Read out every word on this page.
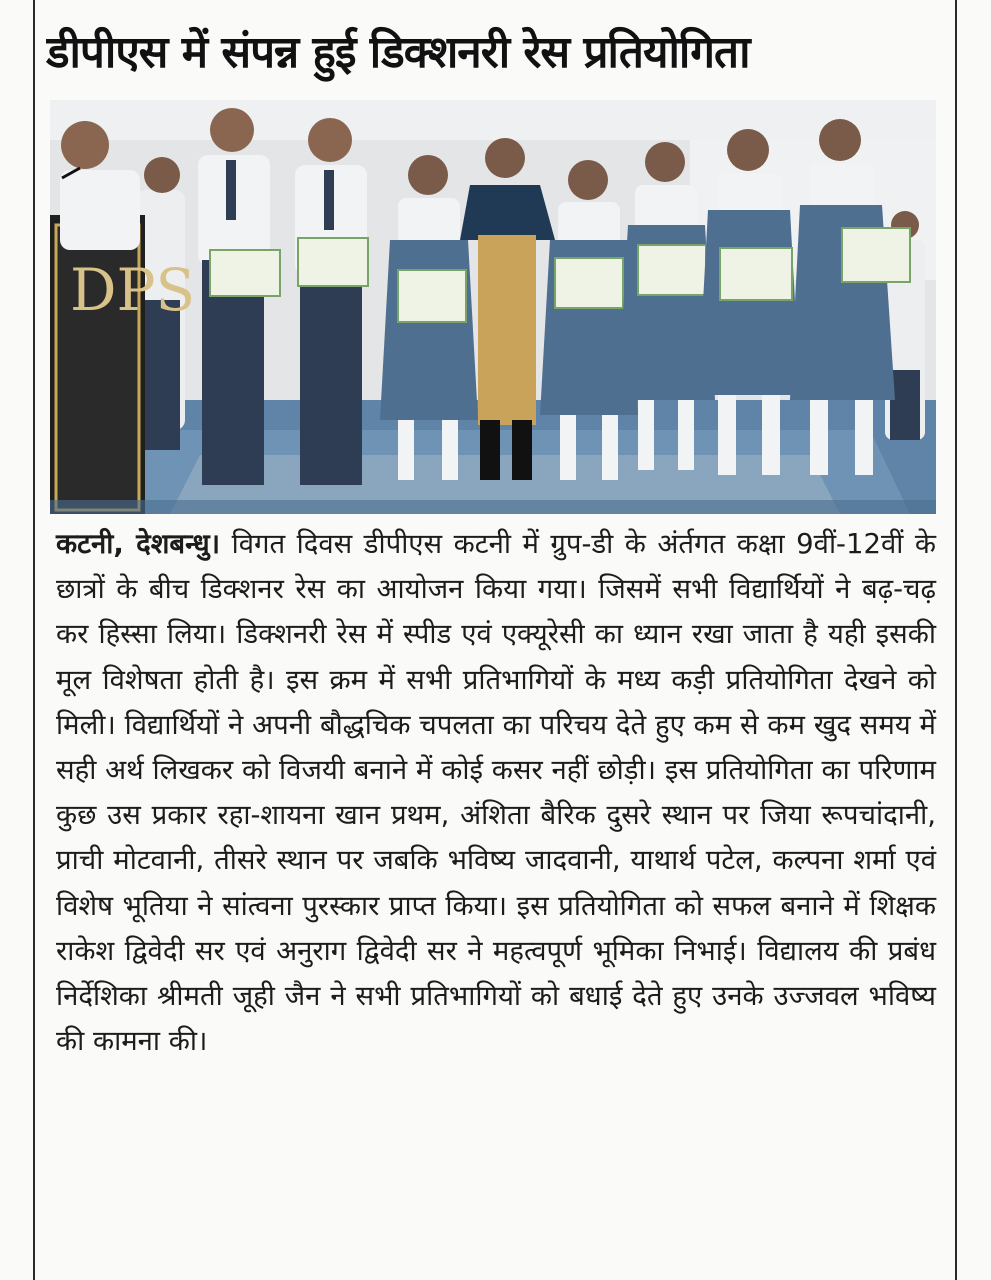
डीपीएस में संपन्न हुई डिक्शनरी रेस प्रतियोगिता
DPS
कटनी, देशबन्धु। विगत दिवस डीपीएस कटनी में ग्रुप-डी के अंर्तगत कक्षा 9वीं-12वीं के छात्रों के बीच डिक्शनर रेस का आयोजन किया गया। जिसमें सभी विद्यार्थियों ने बढ़-चढ़ कर हिस्सा लिया। डिक्शनरी रेस में स्पीड एवं एक्यूरेसी का ध्यान रखा जाता है यही इसकी मूल विशेषता होती है। इस क्रम में सभी प्रतिभागियों के मध्य कड़ी प्रतियोगिता देखने को मिली। विद्यार्थियों ने अपनी बौद्धचिक चपलता का परिचय देते हुए कम से कम खुद समय में सही अर्थ लिखकर को विजयी बनाने में कोई कसर नहीं छोड़ी। इस प्रतियोगिता का परिणाम कुछ उस प्रकार रहा-शायना खान प्रथम, अंशिता बैरिक दुसरे स्थान पर जिया रूपचांदानी, प्राची मोटवानी, तीसरे स्थान पर जबकि भविष्य जादवानी, याथार्थ पटेल, कल्पना शर्मा एवं विशेष भूतिया ने सांत्वना पुरस्कार प्राप्त किया। इस प्रतियोगिता को सफल बनाने में शिक्षक राकेश द्विवेदी सर एवं अनुराग द्विवेदी सर ने महत्वपूर्ण भूमिका निभाई। विद्यालय की प्रबंध निर्देशिका श्रीमती जूही जैन ने सभी प्रतिभागियों को बधाई देते हुए उनके उज्जवल भविष्य की कामना की।
